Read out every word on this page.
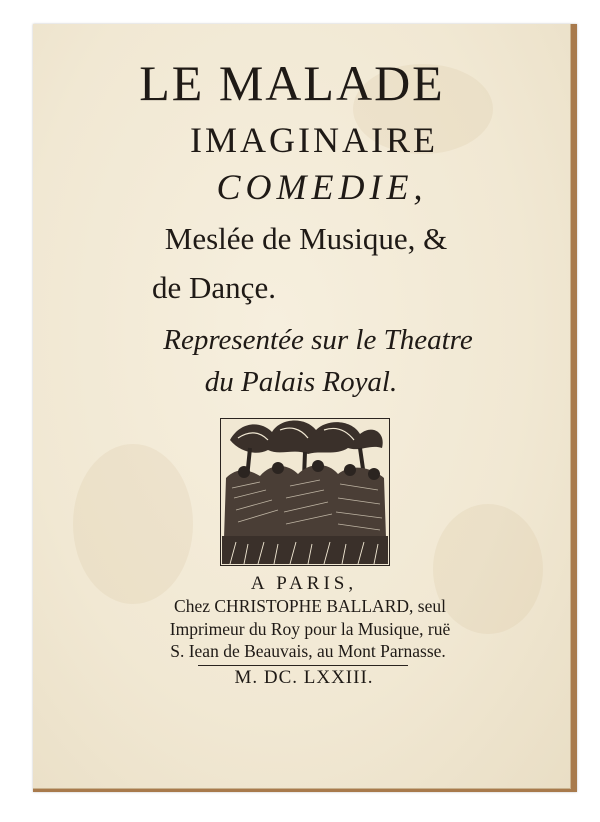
LE MALADE
IMAGINAIRE
COMEDIE,
Meslée de Musique, &
de Dançe.
Representée sur le Theatre
du Palais Royal.
A PARIS,
Chez CHRISTOPHE BALLARD, seul
Imprimeur du Roy pour la Musique, ruë
S. Iean de Beauvais, au Mont Parnasse.
M. DC. LXXIII.
